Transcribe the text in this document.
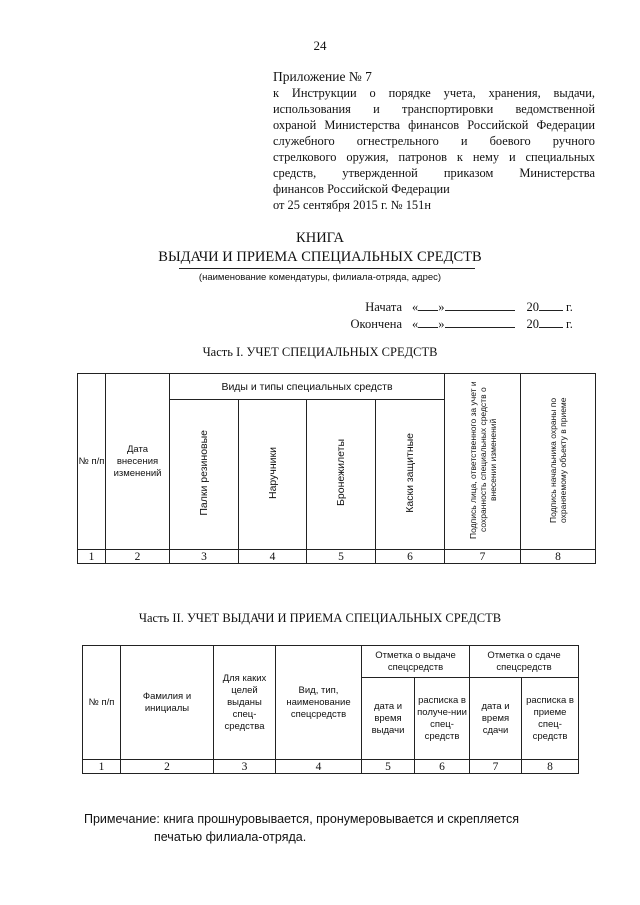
24
Приложение № 7
к Инструкции о порядке учета, хранения, выдачи,
использования и транспортировки ведомственной
охраной Министерства финансов Российской Федерации
служебного огнестрельного и боевого ручного
стрелкового оружия, патронов к нему и специальных
средств, утвержденной приказом Министерства
финансов Российской Федерации
от 25 сентября 2015 г. № 151н
КНИГА
ВЫДАЧИ И ПРИЕМА СПЕЦИАЛЬНЫХ СРЕДСТВ
(наименование комендатуры, филиала-отряда, адрес)
Начата « »	20 г.
Окончена « »	20 г.
Часть I. УЧЕТ СПЕЦИАЛЬНЫХ СРЕДСТВ
№ п/п	Дата внесения изменений	Виды и типы специальных средств				Подпись лица, ответственного за учет и сохранность специальных средств о внесении изменений	Подпись начальника охраны по охраняемому объекту в приеме
		Палки резиновые	Наручники	Бронежилеты	Каски защитные		
1	2	3	4	5	6	7	8
Часть II. УЧЕТ ВЫДАЧИ И ПРИЕМА СПЕЦИАЛЬНЫХ СРЕДСТВ
№ п/п	Фамилия и инициалы	Для каких целей выданы спец-средства	Вид, тип, наименование спецсредств	Отметка о выдаче спецсредств		Отметка о сдаче спецсредств	
				дата и время выдачи	расписка в получе-нии спец-средств	дата и время сдачи	расписка в приеме спец-средств
1	2	3	4	5	6	7	8
Примечание: книга прошнуровывается, пронумеровывается и скрепляется
печатью филиала-отряда.
